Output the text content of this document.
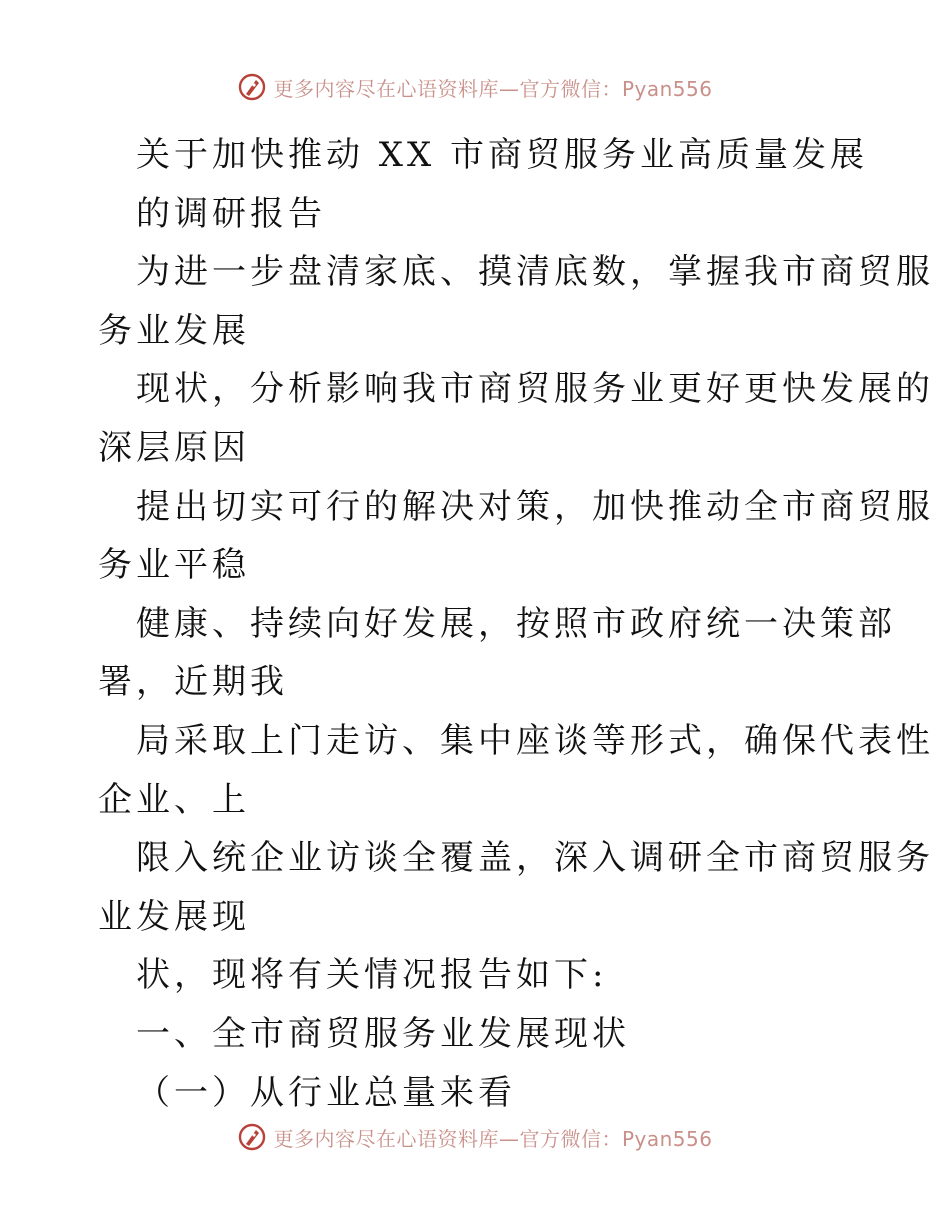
更多内容尽在心语资料库—官方微信：Pyan556
关于加快推动 XX 市商贸服务业高质量发展
的调研报告
为进一步盘清家底、摸清底数，掌握我市商贸服
务业发展
现状，分析影响我市商贸服务业更好更快发展的
深层原因
提出切实可行的解决对策，加快推动全市商贸服
务业平稳
健康、持续向好发展，按照市政府统一决策部
署，近期我
局采取上门走访、集中座谈等形式，确保代表性
企业、上
限入统企业访谈全覆盖，深入调研全市商贸服务
业发展现
状，现将有关情况报告如下:
一、全市商贸服务业发展现状
（一）从行业总量来看
更多内容尽在心语资料库—官方微信：Pyan556
